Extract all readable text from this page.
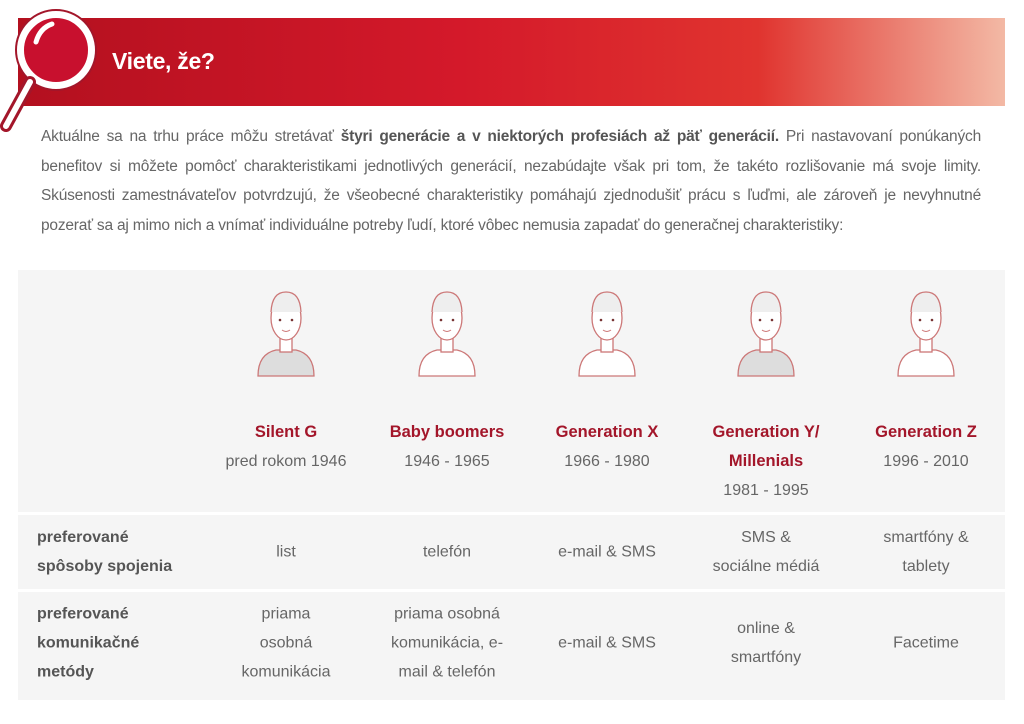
Viete, že?
Aktuálne sa na trhu práce môžu stretávať štyri generácie a v niektorých profesiách až päť generácií. Pri nastavovaní ponúkaných benefitov si môžete pomôcť charakteristikami jednotlivých generácií, nezabúdajte však pri tom, že takéto rozlišovanie má svoje limity. Skúsenosti zamestnávateľov potvrdzujú, že všeobecné charakteristiky pomáhajú zjednodušiť prácu s ľuďmi, ale zároveň je nevyhnutné pozerať sa aj mimo nich a vnímať individuálne potreby ľudí, ktoré vôbec nemusia zapadať do generačnej charakteristiky:
Silent G
pred rokom 1946
Baby boomers
1946 - 1965
Generation X
1966 - 1980
Generation Y/ Millenials
1981 - 1995
Generation Z
1996 - 2010
preferované spôsoby spojenia
list	telefón	e-mail & SMS
SMS & sociálne médiá
smartfóny & tablety
preferované komunikačné metódy
priama osobná komunikácia
priama osobná komunikácia, e-mail & telefón
e-mail & SMS
online & smartfóny
Facetime
